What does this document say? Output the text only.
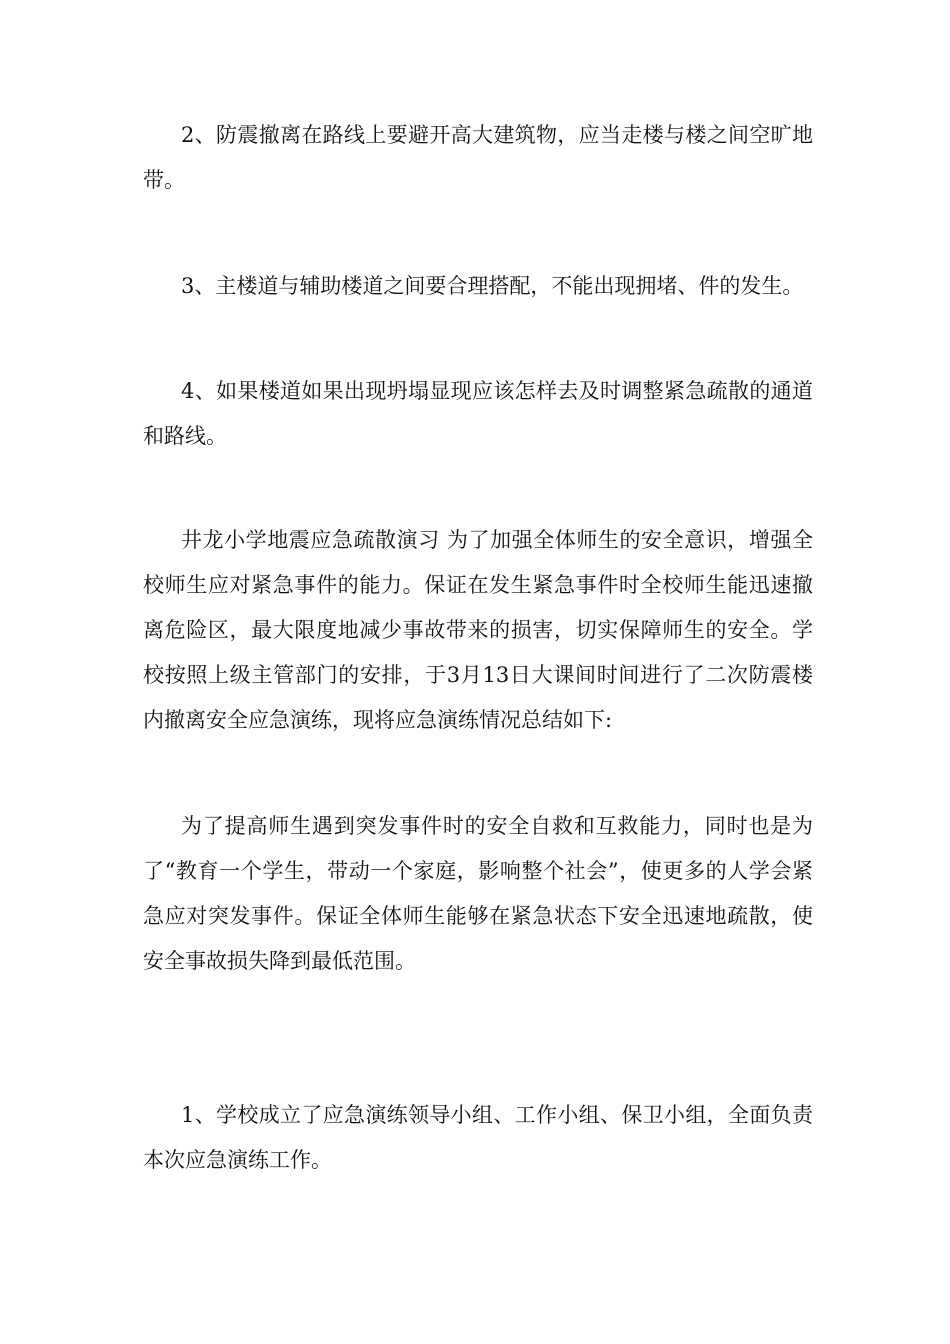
2、防震撤离在路线上要避开高大建筑物，应当走楼与楼之间空旷地带。

3、主楼道与辅助楼道之间要合理搭配，不能出现拥堵、件的发生。

4、如果楼道如果出现坍塌显现应该怎样去及时调整紧急疏散的通道和路线。

井龙小学地震应急疏散演习 为了加强全体师生的安全意识，增强全校师生应对紧急事件的能力。保证在发生紧急事件时全校师生能迅速撤离危险区，最大限度地减少事故带来的损害，切实保障师生的安全。学校按照上级主管部门的安排，于3月13日大课间时间进行了二次防震楼内撤离安全应急演练，现将应急演练情况总结如下:

为了提高师生遇到突发事件时的安全自救和互救能力，同时也是为了“教育一个学生，带动一个家庭，影响整个社会”，使更多的人学会紧急应对突发事件。保证全体师生能够在紧急状态下安全迅速地疏散，使安全事故损失降到最低范围。

1、学校成立了应急演练领导小组、工作小组、保卫小组，全面负责本次应急演练工作。
